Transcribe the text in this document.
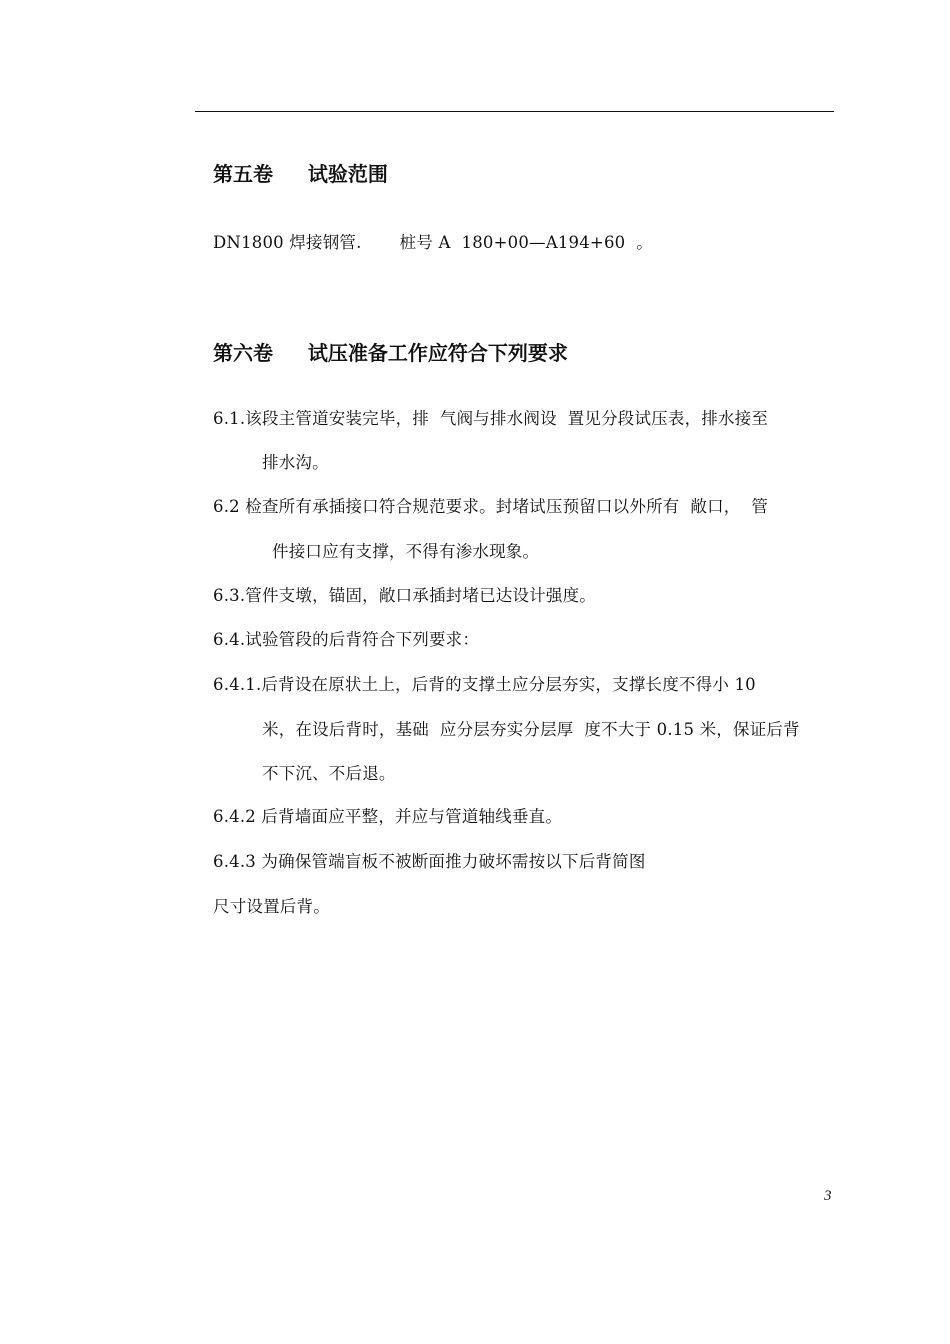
第五卷     试验范围
DN1800 焊接钢管.       桩号 A  180+00—A194+60  。
第六卷     试压准备工作应符合下列要求
6.1.该段主管道安装完毕，排  气阀与排水阀设  置见分段试压表，排水接至
排水沟。
6.2 检查所有承插接口符合规范要求。封堵试压预留口以外所有  敞口，  管
件接口应有支撑，不得有渗水现象。
6.3.管件支墩，锚固，敞口承插封堵已达设计强度。
6.4.试验管段的后背符合下列要求：
6.4.1.后背设在原状土上，后背的支撑土应分层夯实，支撑长度不得小 10
米，在设后背时，基础  应分层夯实分层厚  度不大于 0.15 米，保证后背
不下沉、不后退。
6.4.2 后背墙面应平整，并应与管道轴线垂直。
6.4.3 为确保管端盲板不被断面推力破坏需按以下后背简图
尺寸设置后背。
3
